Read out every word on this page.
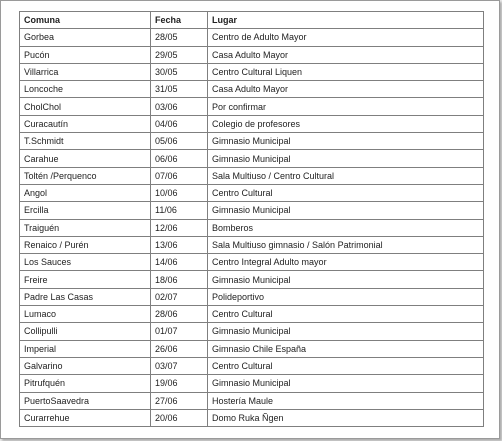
Comuna	Fecha	Lugar
Gorbea	28/05	Centro de Adulto Mayor
Pucón	29/05	Casa Adulto Mayor
Villarrica	30/05	Centro Cultural Liquen
Loncoche	31/05	Casa Adulto Mayor
CholChol	03/06	Por confirmar
Curacautín	04/06	Colegio de profesores
T.Schmidt	05/06	Gimnasio Municipal
Carahue	06/06	Gimnasio Municipal
Toltén /Perquenco	07/06	Sala Multiuso / Centro Cultural
Angol	10/06	Centro Cultural
Ercilla	11/06	Gimnasio Municipal
Traiguén	12/06	Bomberos
Renaico / Purén	13/06	Sala Multiuso gimnasio / Salón Patrimonial
Los Sauces	14/06	Centro Integral Adulto mayor
Freire	18/06	Gimnasio Municipal
Padre Las Casas	02/07	Polideportivo
Lumaco	28/06	Centro Cultural
Collipulli	01/07	Gimnasio Municipal
Imperial	26/06	Gimnasio Chile España
Galvarino	03/07	Centro Cultural
Pitrufquén	19/06	Gimnasio Municipal
PuertoSaavedra	27/06	Hostería Maule
Curarrehue	20/06	Domo Ruka Ñgen
